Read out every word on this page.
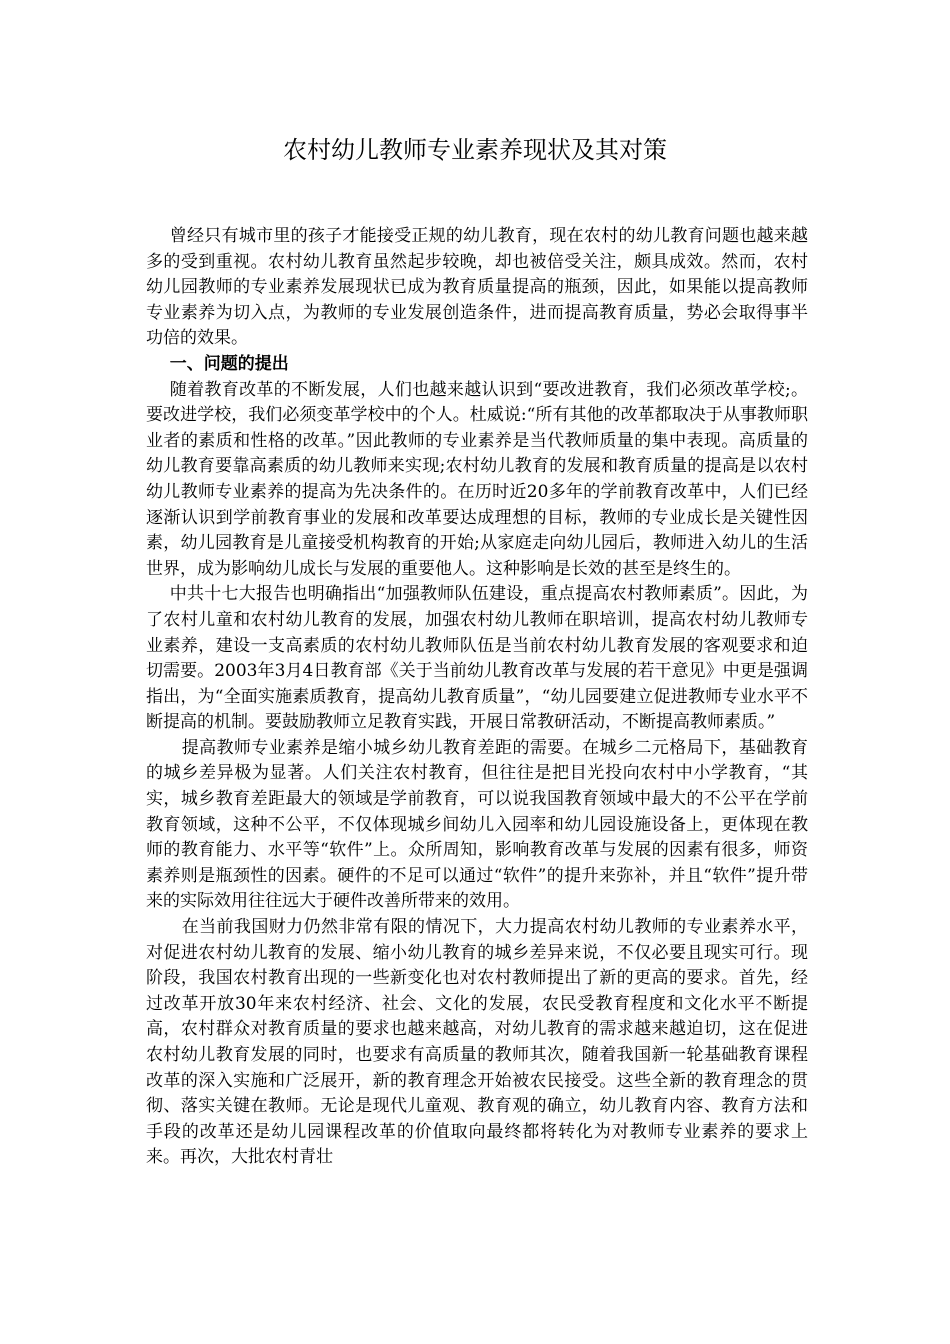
农村幼儿教师专业素养现状及其对策

曾经只有城市里的孩子才能接受正规的幼儿教育，现在农村的幼儿教育问题也越来越多的受到重视。农村幼儿教育虽然起步较晚，却也被倍受关注，颇具成效。然而，农村幼儿园教师的专业素养发展现状已成为教育质量提高的瓶颈，因此，如果能以提高教师专业素养为切入点，为教师的专业发展创造条件，进而提高教育质量，势必会取得事半功倍的效果。

一、问题的提出

随着教育改革的不断发展，人们也越来越认识到“要改进教育，我们必须改革学校;。要改进学校，我们必须变革学校中的个人。杜威说:“所有其他的改革都取决于从事教师职业者的素质和性格的改革。”因此教师的专业素养是当代教师质量的集中表现。高质量的幼儿教育要靠高素质的幼儿教师来实现;农村幼儿教育的发展和教育质量的提高是以农村幼儿教师专业素养的提高为先决条件的。在历时近20多年的学前教育改革中，人们已经逐渐认识到学前教育事业的发展和改革要达成理想的目标，教师的专业成长是关键性因素，幼儿园教育是儿童接受机构教育的开始;从家庭走向幼儿园后，教师进入幼儿的生活世界，成为影响幼儿成长与发展的重要他人。这种影响是长效的甚至是终生的。

中共十七大报告也明确指出“加强教师队伍建设，重点提高农村教师素质”。因此，为了农村儿童和农村幼儿教育的发展，加强农村幼儿教师在职培训，提高农村幼儿教师专业素养，建设一支高素质的农村幼儿教师队伍是当前农村幼儿教育发展的客观要求和迫切需要。2003年3月4日教育部《关于当前幼儿教育改革与发展的若干意见》中更是强调指出，为“全面实施素质教育，提高幼儿教育质量”，“幼儿园要建立促进教师专业水平不断提高的机制。要鼓励教师立足教育实践，开展日常教研活动，不断提高教师素质。”

提高教师专业素养是缩小城乡幼儿教育差距的需要。在城乡二元格局下，基础教育的城乡差异极为显著。人们关注农村教育，但往往是把目光投向农村中小学教育，“其实，城乡教育差距最大的领域是学前教育，可以说我国教育领域中最大的不公平在学前教育领域，这种不公平，不仅体现城乡间幼儿入园率和幼儿园设施设备上，更体现在教师的教育能力、水平等“软件”上。众所周知，影响教育改革与发展的因素有很多，师资素养则是瓶颈性的因素。硬件的不足可以通过“软件”的提升来弥补，并且“软件”提升带来的实际效用往往远大于硬件改善所带来的效用。

在当前我国财力仍然非常有限的情况下，大力提高农村幼儿教师的专业素养水平，对促进农村幼儿教育的发展、缩小幼儿教育的城乡差异来说，不仅必要且现实可行。现阶段，我国农村教育出现的一些新变化也对农村教师提出了新的更高的要求。首先，经过改革开放30年来农村经济、社会、文化的发展，农民受教育程度和文化水平不断提高，农村群众对教育质量的要求也越来越高，对幼儿教育的需求越来越迫切，这在促进农村幼儿教育发展的同时，也要求有高质量的教师其次，随着我国新一轮基础教育课程改革的深入实施和广泛展开，新的教育理念开始被农民接受。这些全新的教育理念的贯彻、落实关键在教师。无论是现代儿童观、教育观的确立，幼儿教育内容、教育方法和手段的改革还是幼儿园课程改革的价值取向最终都将转化为对教师专业素养的要求上来。再次，大批农村青壮
